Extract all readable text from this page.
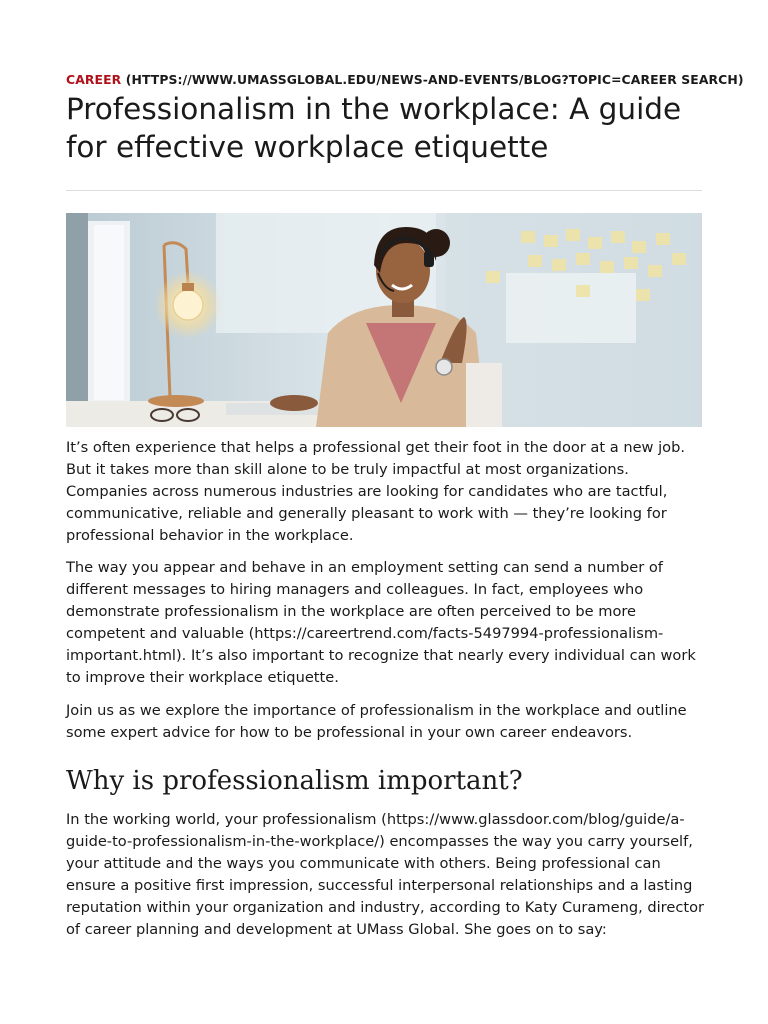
CAREER (HTTPS://WWW.UMASSGLOBAL.EDU/NEWS-AND-EVENTS/BLOG?TOPIC=CAREER SEARCH)
Professionalism in the workplace: A guide for effective workplace etiquette

It’s often experience that helps a professional get their foot in the door at a new job. But it takes more than skill alone to be truly impactful at most organizations. Companies across numerous industries are looking for candidates who are tactful, communicative, reliable and generally pleasant to work with — they’re looking for professional behavior in the workplace.

The way you appear and behave in an employment setting can send a number of different messages to hiring managers and colleagues. In fact, employees who demonstrate professionalism in the workplace are often perceived to be more competent and valuable (https://careertrend.com/facts-5497994-professionalism-important.html). It’s also important to recognize that nearly every individual can work to improve their workplace etiquette.

Join us as we explore the importance of professionalism in the workplace and outline some expert advice for how to be professional in your own career endeavors.

Why is professionalism important?

In the working world, your professionalism (https://www.glassdoor.com/blog/guide/a-guide-to-professionalism-in-the-workplace/) encompasses the way you carry yourself, your attitude and the ways you communicate with others. Being professional can ensure a positive first impression, successful interpersonal relationships and a lasting reputation within your organization and industry, according to Katy Curameng, director of career planning and development at UMass Global. She goes on to say:
